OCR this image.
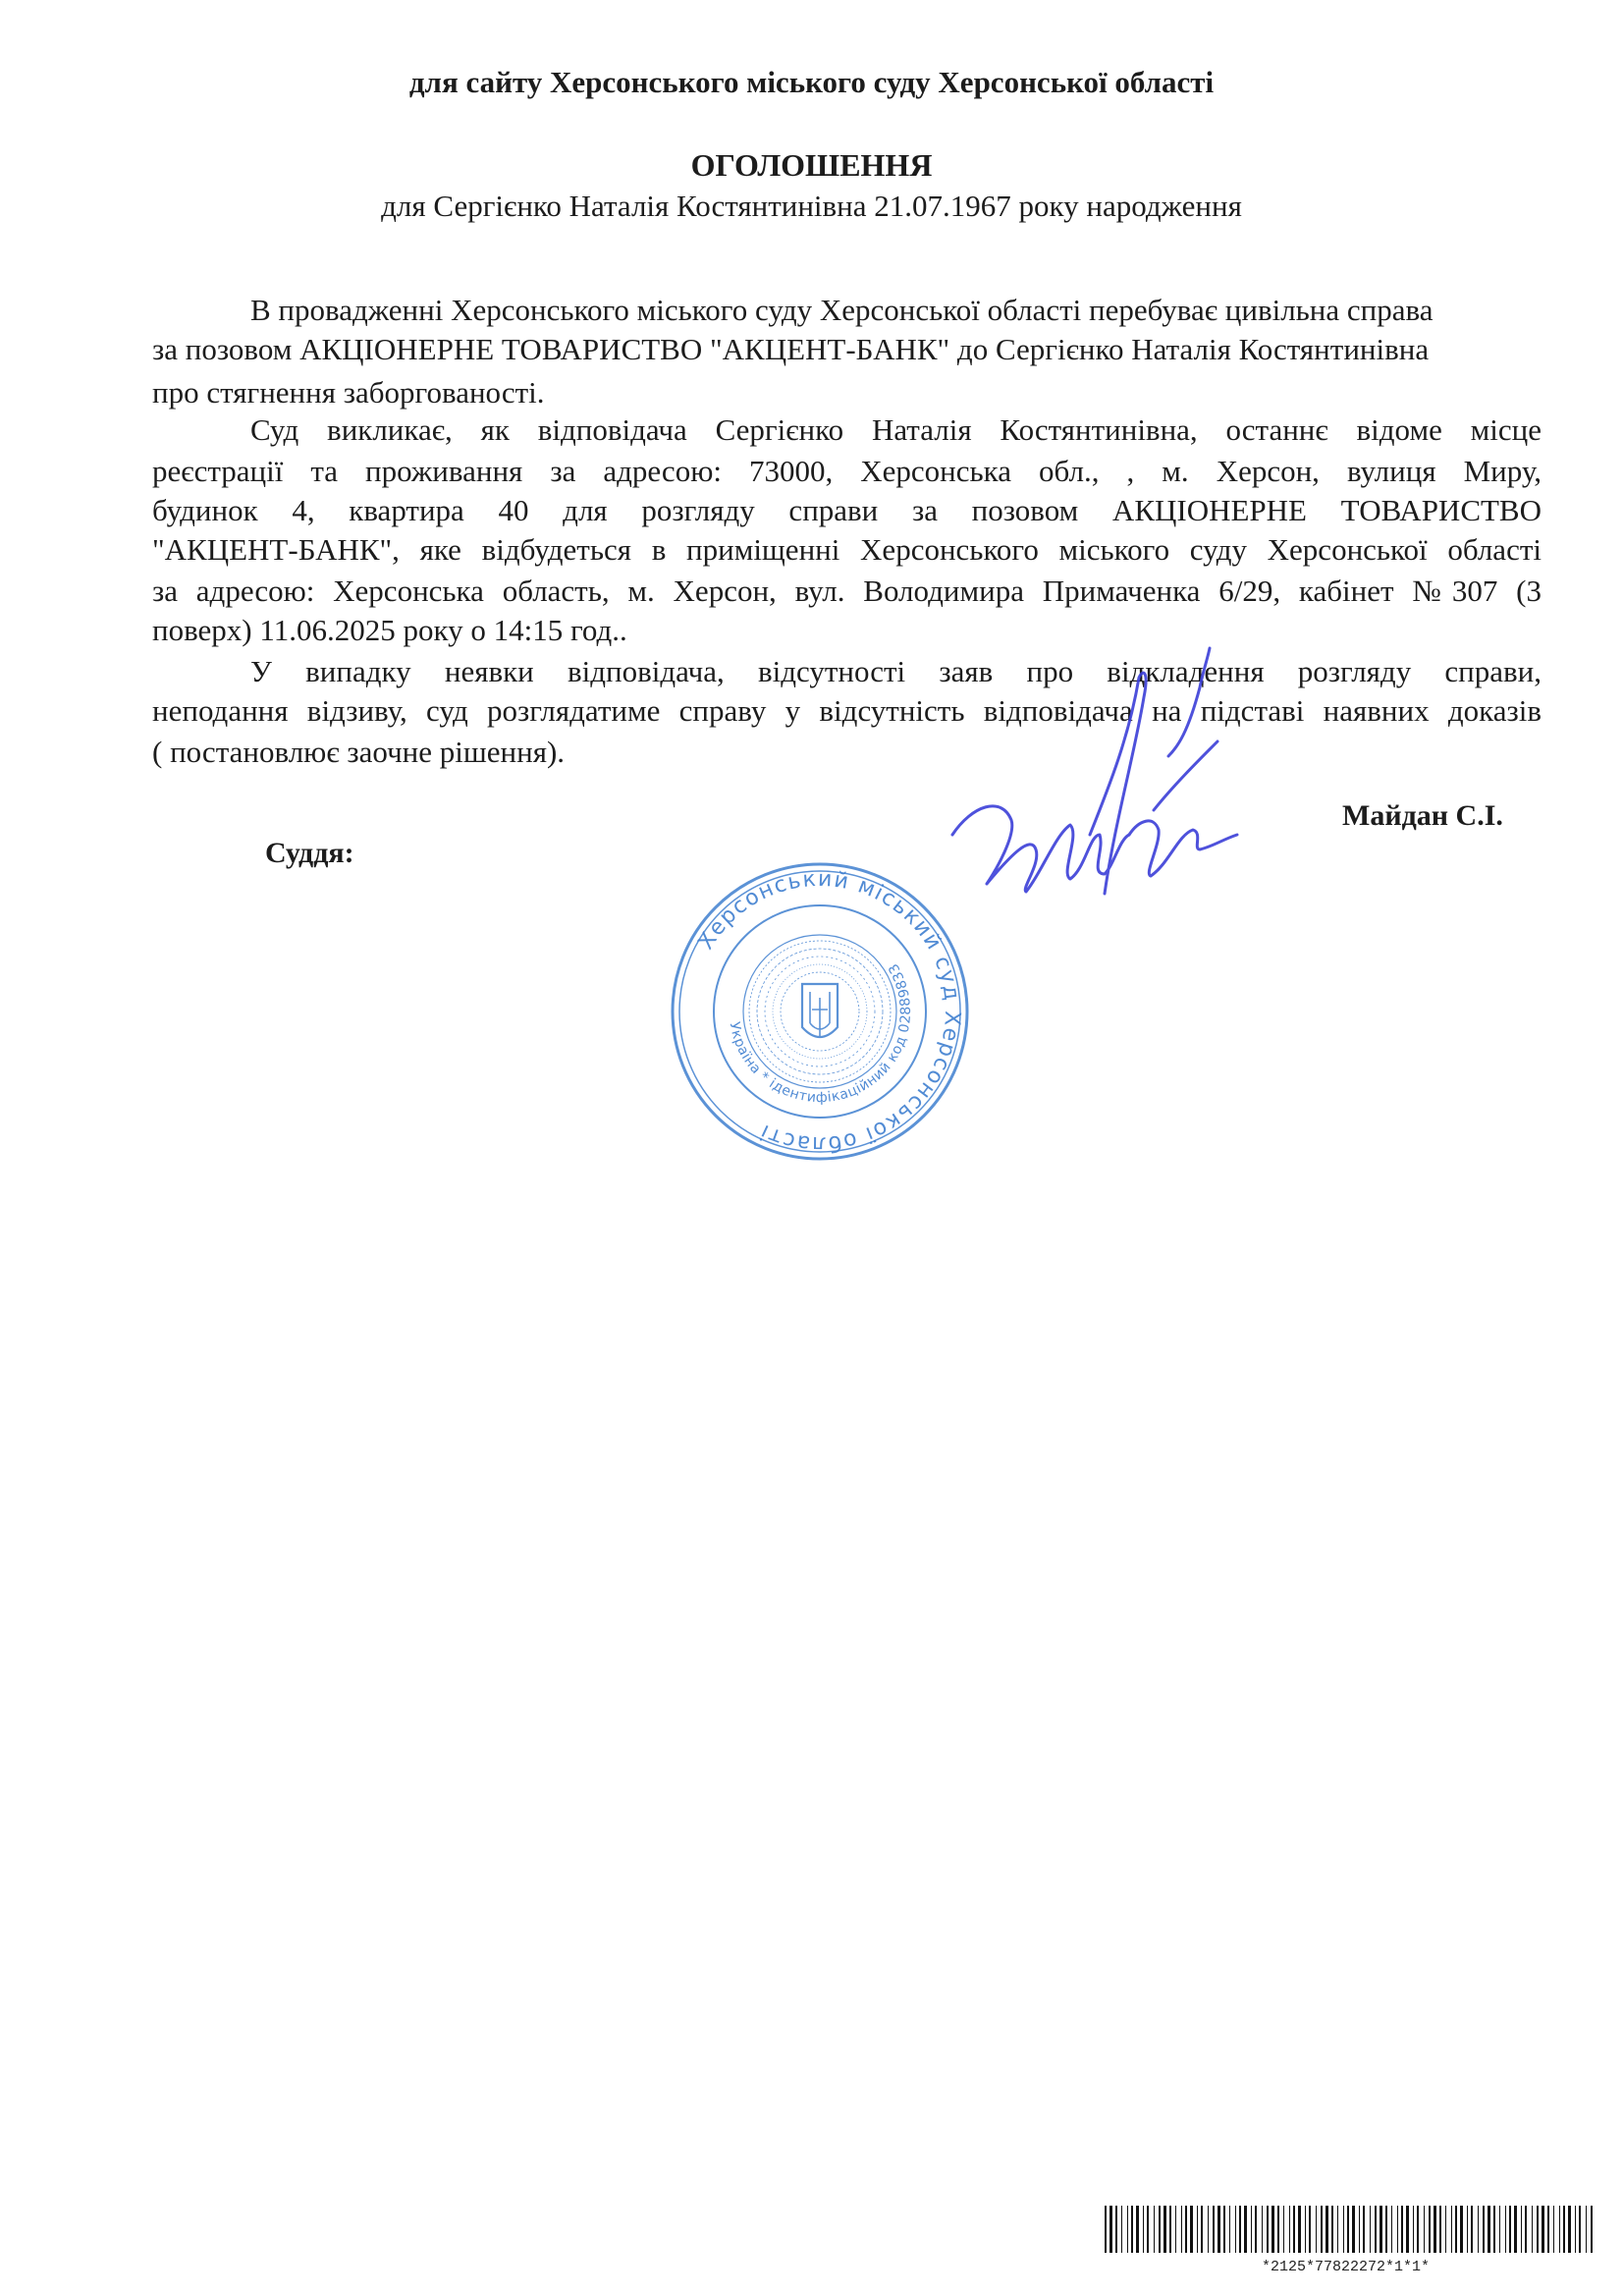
для сайту Херсонського міського суду Херсонської області
ОГОЛОШЕННЯ
для Сергієнко Наталія Костянтинівна 21.07.1967 року народження
В провадженні Херсонського міського суду Херсонської області перебуває цивільна справа
за позовом АКЦІОНЕРНЕ ТОВАРИСТВО "АКЦЕНТ-БАНК" до Сергієнко Наталія Костянтинівна
про стягнення заборгованості.
Суд викликає, як відповідача Сергієнко Наталія Костянтинівна, останнє відоме місце
реєстрації та проживання за адресою: 73000, Херсонська обл., , м. Херсон, вулиця Миру,
будинок 4, квартира 40 для розгляду справи за позовом АКЦІОНЕРНЕ ТОВАРИСТВО
"АКЦЕНТ-БАНК", яке відбудеться в приміщенні Херсонського міського суду Херсонської області
за адресою: Херсонська область, м. Херсон, вул. Володимира Примаченка 6/29, кабінет №307 (3
поверх) 11.06.2025 року о 14:15 год..
У випадку неявки відповідача, відсутності заяв про відкладення розгляду справи,
неподання відзиву, суд розглядатиме справу у відсутність відповідача на підставі наявних доказів
( постановлює заочне рішення).
Майдан С.І.
Суддя:
Херсонський міський суд Херсонської області
Україна * ідентифікаційний код 02889833
*2125*77822272*1*1*
